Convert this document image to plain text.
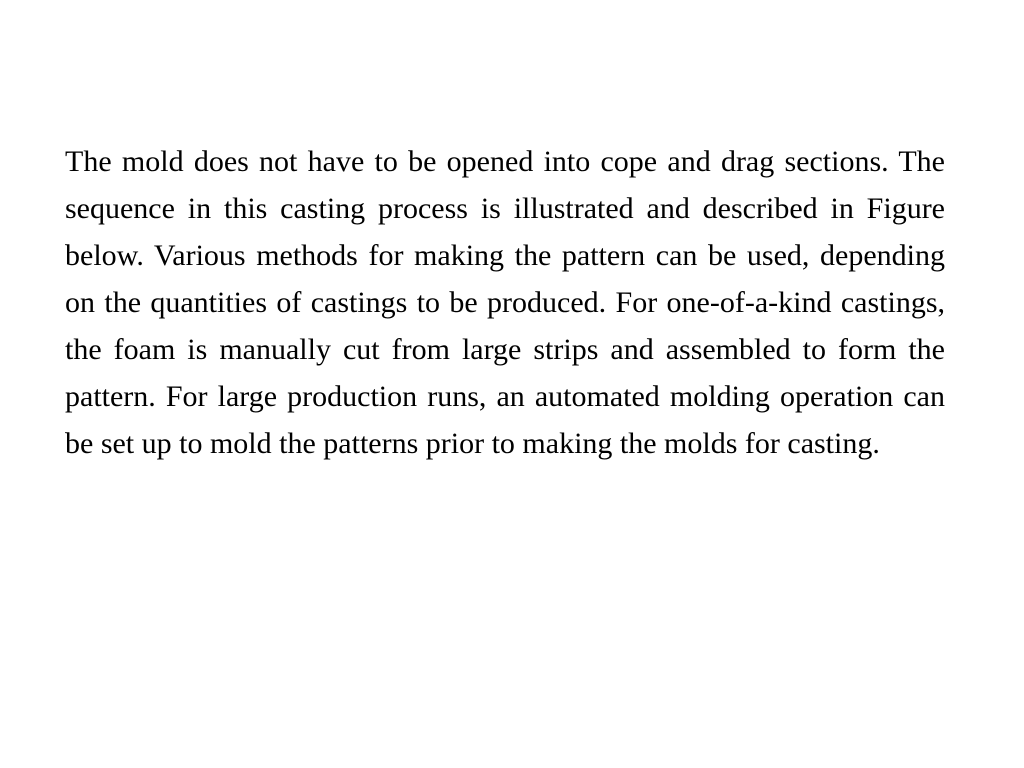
The mold does not have to be opened into cope and drag sections. The sequence in this casting process is illustrated and described in Figure below. Various methods for making the pattern can be used, depending on the quantities of castings to be produced. For one-of-a-kind castings, the foam is manually cut from large strips and assembled to form the pattern. For large production runs, an automated molding operation can be set up to mold the patterns prior to making the molds for casting.
